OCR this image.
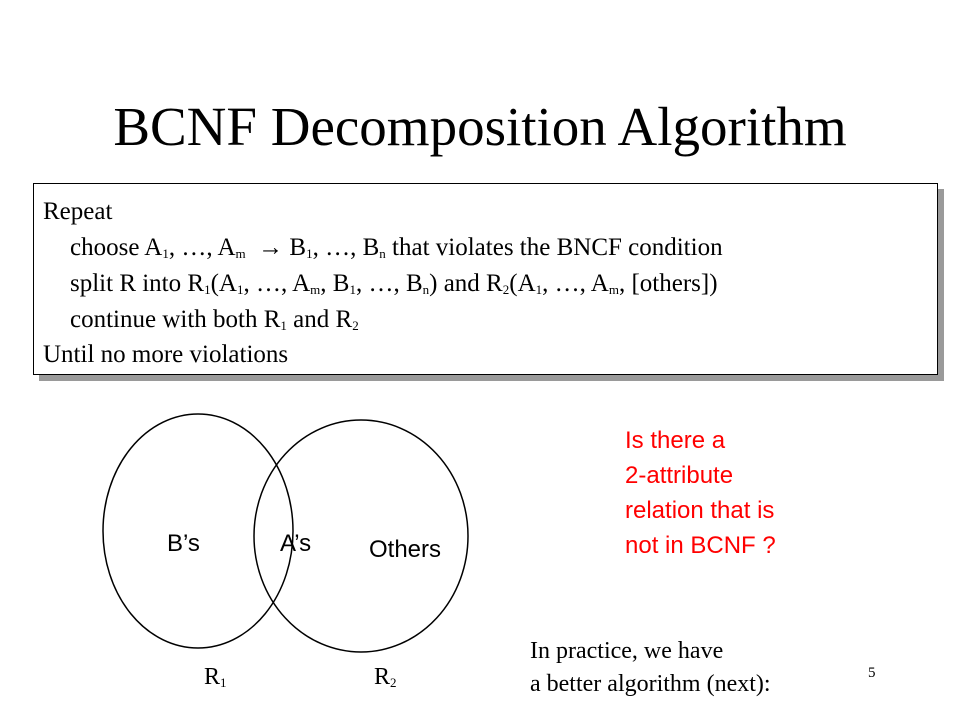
BCNF Decomposition Algorithm
Repeat
choose $A_1$, …, $A_m \to B_1$, …, $B_n$ that violates the BNCF condition
split R into $R_1(A_1$, …, $A_m$, $B_1$, …, $B_n$) and $R_2(A_1$, …, $A_m$, [others])
continue with both $R_1$ and $R_2$
Until no more violations
B’s	A’s Others
$R_1$	$R_2$
Is there a
2-attribute
relation that is
not in BCNF ?
In practice, we have
a better algorithm (next):	5
